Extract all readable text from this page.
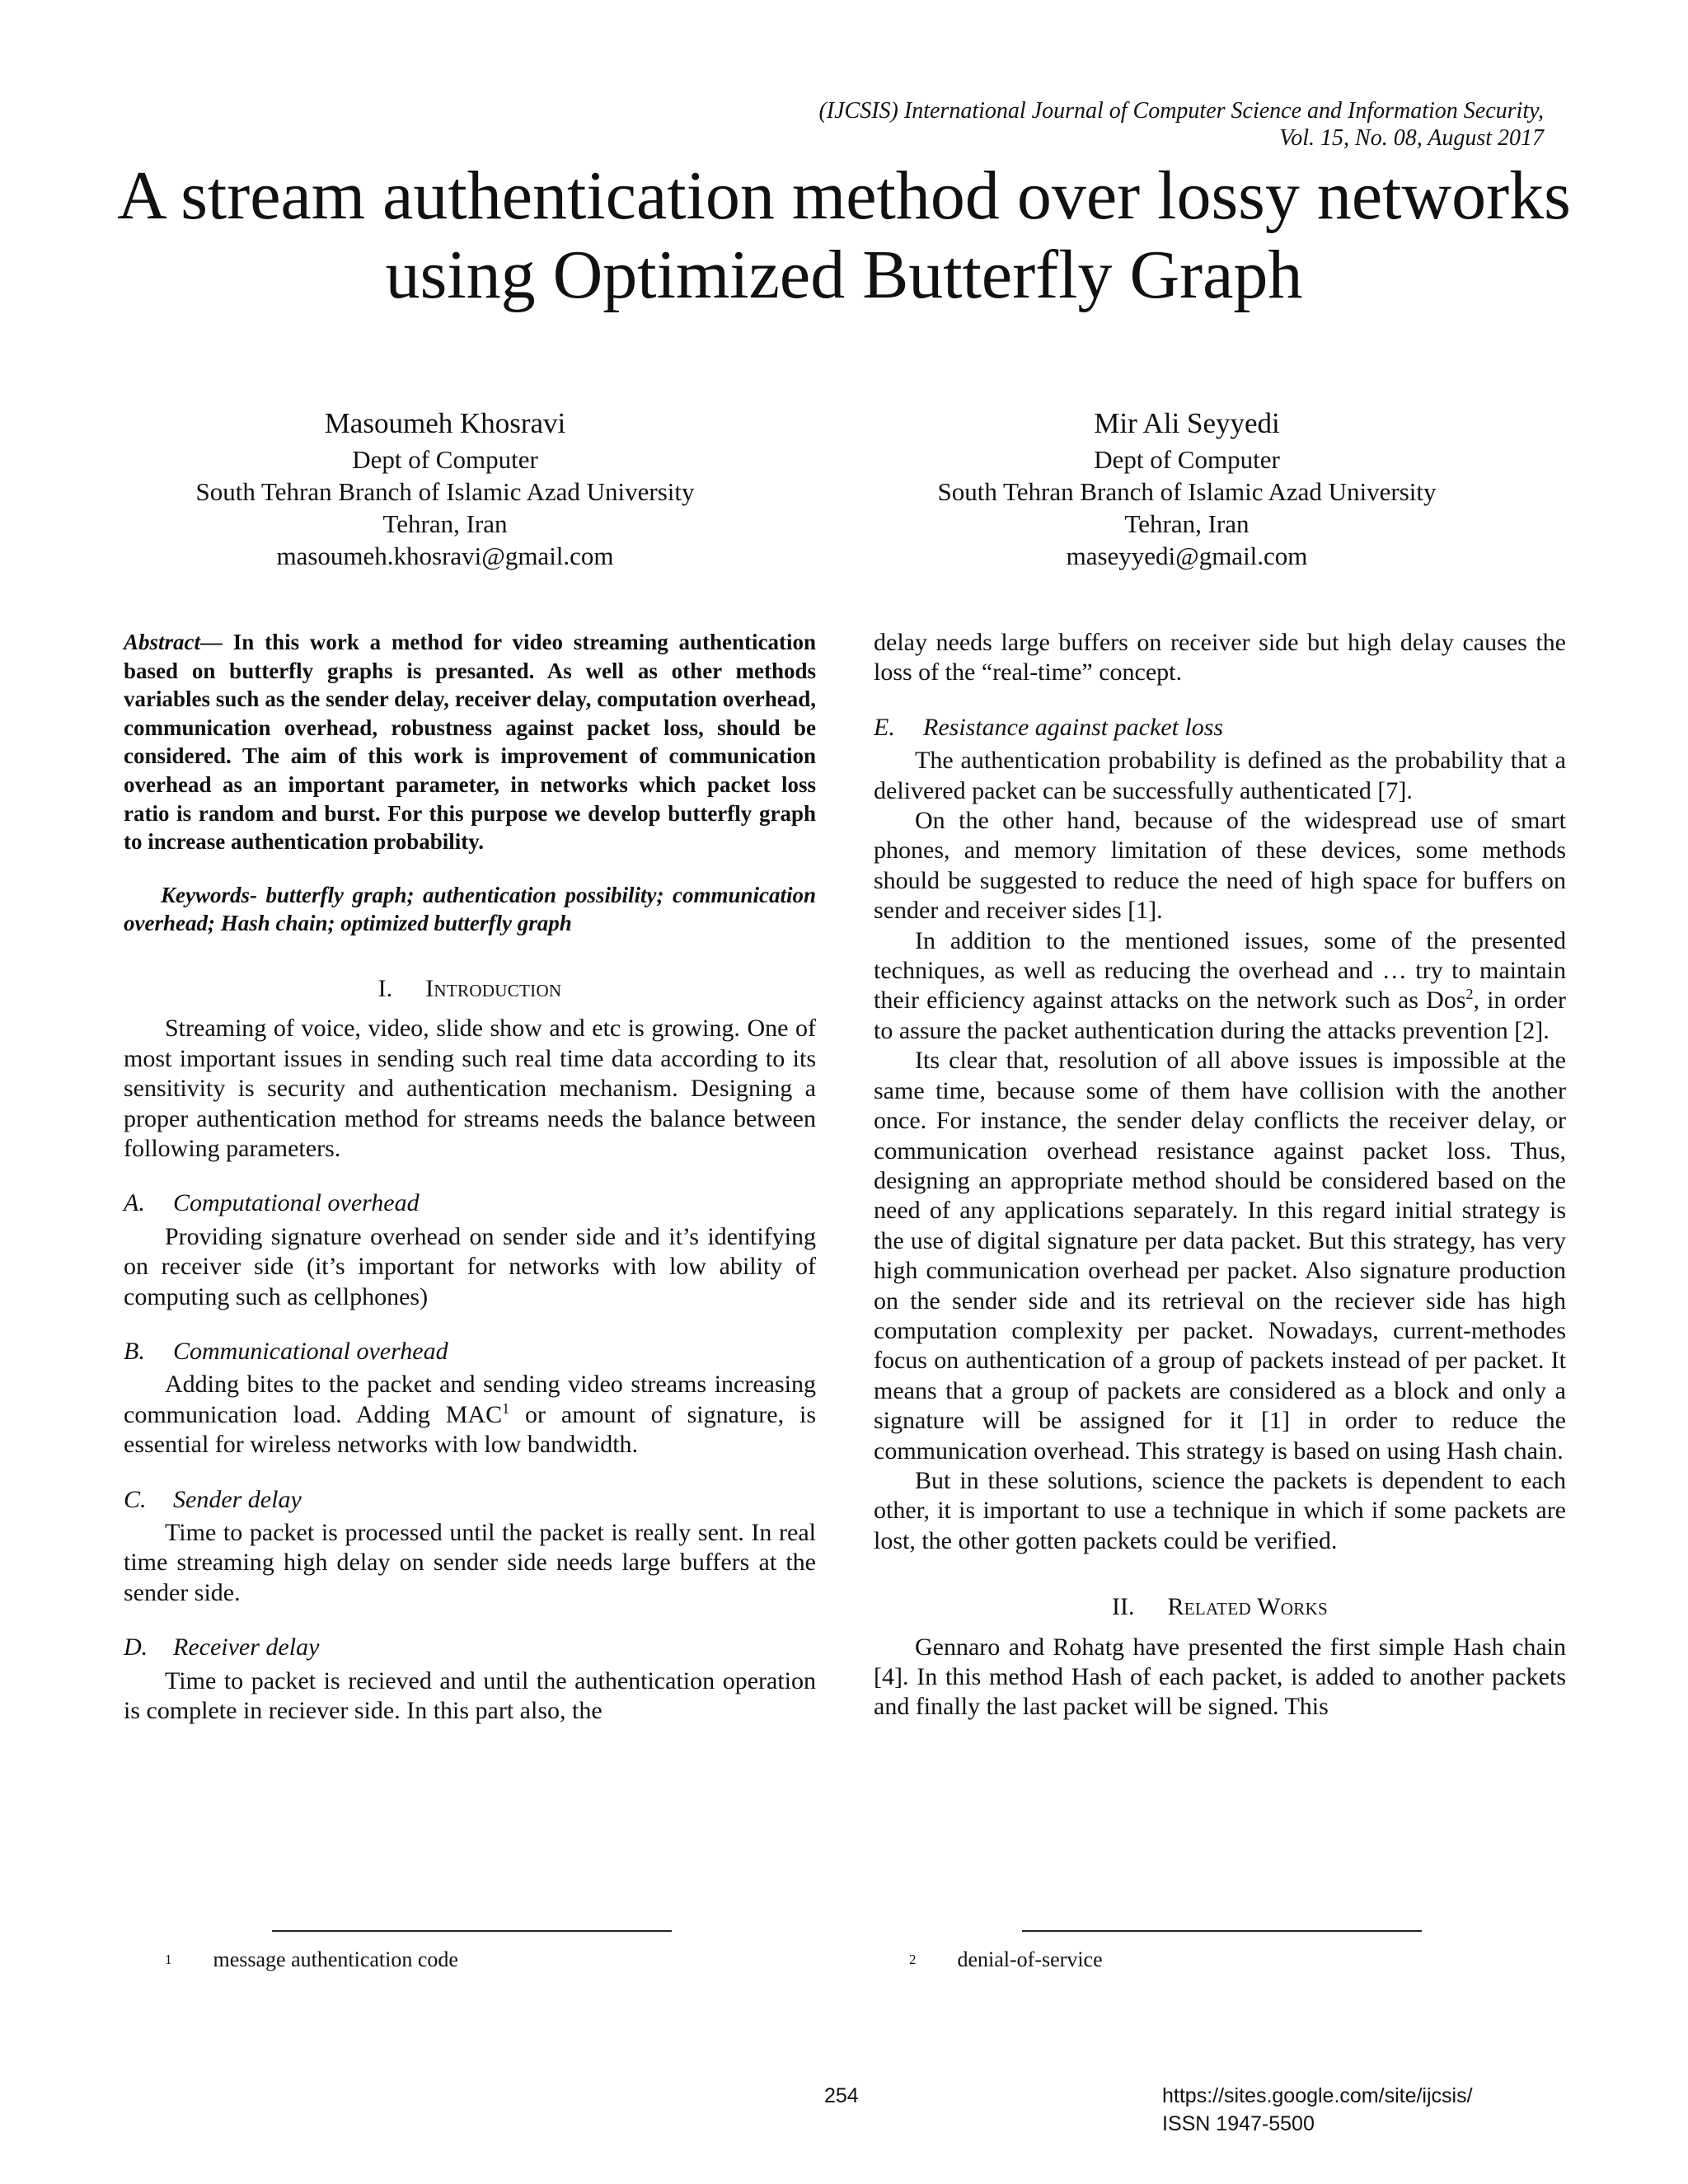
(IJCSIS) International Journal of Computer Science and Information Security,
Vol. 15, No. 08, August 2017
A stream authentication method over lossy networks
using Optimized Butterfly Graph
Masoumeh Khosravi
Dept of Computer
South Tehran Branch of Islamic Azad University
Tehran, Iran
masoumeh.khosravi@gmail.com
Mir Ali Seyyedi
Dept of Computer
South Tehran Branch of Islamic Azad University
Tehran, Iran
maseyyedi@gmail.com

Abstract— In this work a method for video streaming authentication based on butterfly graphs is presanted. As well as other methods variables such as the sender delay, receiver delay, computation overhead, communication overhead, robustness against packet loss, should be considered. The aim of this work is improvement of communication overhead as an important parameter, in networks which packet loss ratio is random and burst. For this purpose we develop butterfly graph to increase authentication probability.

Keywords- butterfly graph; authentication possibility; communication overhead; Hash chain; optimized butterfly graph

I. Introduction

Streaming of voice, video, slide show and etc is growing. One of most important issues in sending such real time data according to its sensitivity is security and authentication mechanism. Designing a proper authentication method for streams needs the balance between following parameters.

A. Computational overhead

Providing signature overhead on sender side and it’s identifying on receiver side (it’s important for networks with low ability of computing such as cellphones)

B. Communicational overhead

Adding bites to the packet and sending video streams increasing communication load. Adding MAC$^1$ or amount of signature, is essential for wireless networks with low bandwidth.

C. Sender delay

Time to packet is processed until the packet is really sent. In real time streaming high delay on sender side needs large buffers at the sender side.

D. Receiver delay

Time to packet is recieved and until the authentication operation is complete in reciever side. In this part also, the

delay needs large buffers on receiver side but high delay causes the loss of the “real-time” concept.

E. Resistance against packet loss

The authentication probability is defined as the probability that a delivered packet can be successfully authenticated [7].

On the other hand, because of the widespread use of smart phones, and memory limitation of these devices, some methods should be suggested to reduce the need of high space for buffers on sender and receiver sides [1].

In addition to the mentioned issues, some of the presented techniques, as well as reducing the overhead and … try to maintain their efficiency against attacks on the network such as Dos$^2$, in order to assure the packet authentication during the attacks prevention [2].

Its clear that, resolution of all above issues is impossible at the same time, because some of them have collision with the another once. For instance, the sender delay conflicts the receiver delay, or communication overhead resistance against packet loss. Thus, designing an appropriate method should be considered based on the need of any applications separately. In this regard initial strategy is the use of digital signature per data packet. But this strategy, has very high communication overhead per packet. Also signature production on the sender side and its retrieval on the reciever side has high computation complexity per packet. Nowadays, current-methodes focus on authentication of a group of packets instead of per packet. It means that a group of packets are considered as a block and only a signature will be assigned for it [1] in order to reduce the communication overhead. This strategy is based on using Hash chain.

But in these solutions, science the packets is dependent to each other, it is important to use a technique in which if some packets are lost, the other gotten packets could be verified.

II. Related Works

Gennaro and Rohatg have presented the first simple Hash chain [4]. In this method Hash of each packet, is added to another packets and finally the last packet will be signed. This

$^1$ message authentication code	$^2$ denial-of-service
254	https://sites.google.com/site/ijcsis/
ISSN 1947-5500
